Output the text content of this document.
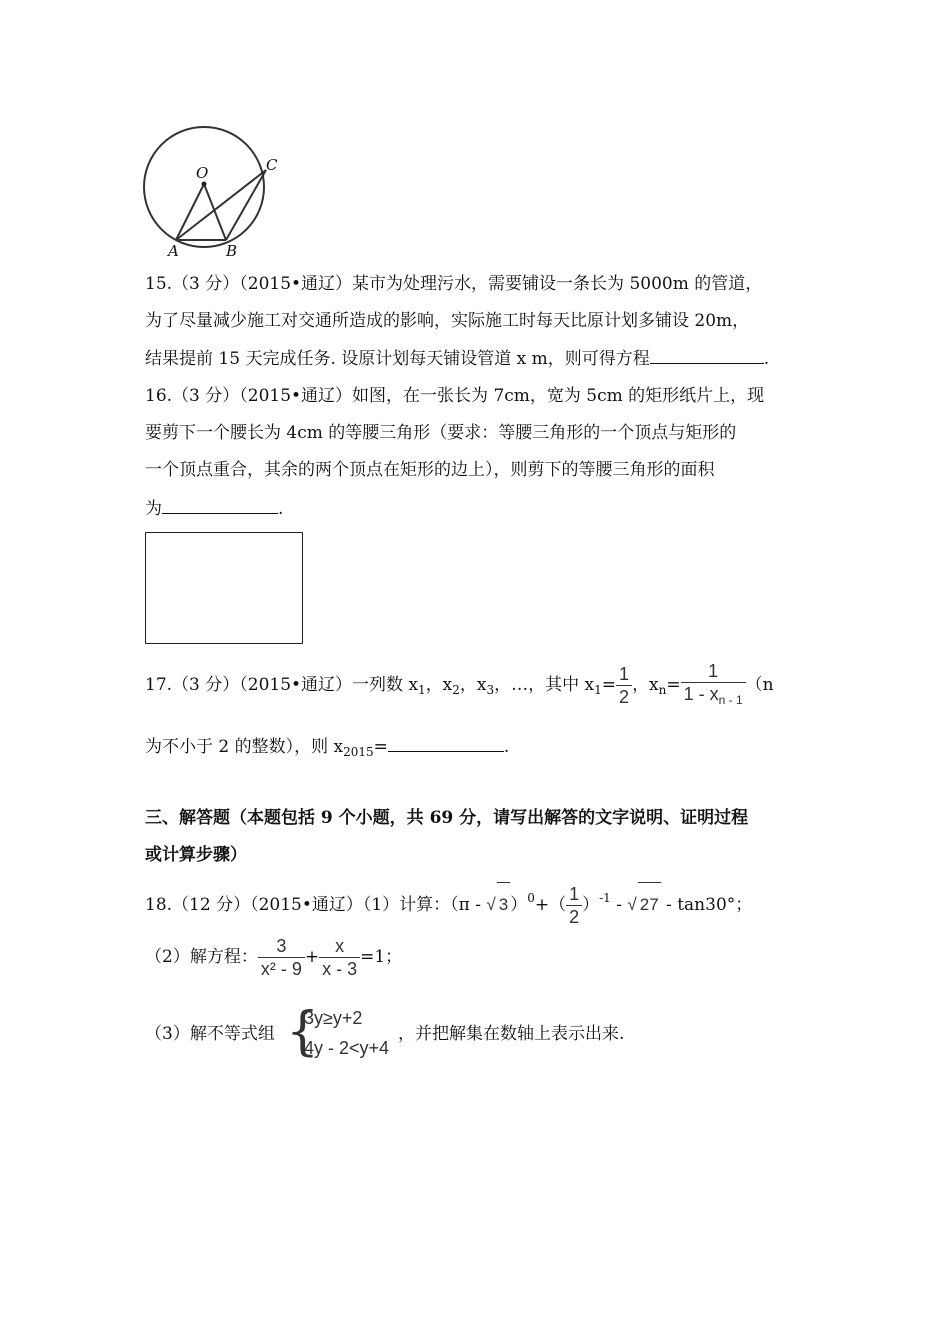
O	C
A	B
15.（3 分）（2015•通辽）某市为处理污水，需要铺设一条长为 5000m 的管道，
为了尽量减少施工对交通所造成的影响，实际施工时每天比原计划多铺设 20m，
结果提前 15 天完成任务. 设原计划每天铺设管道 x m，则可得方程	.
16.（3 分）（2015•通辽）如图，在一张长为 7cm，宽为 5cm 的矩形纸片上，现
要剪下一个腰长为 4cm 的等腰三角形（要求：等腰三角形的一个顶点与矩形的
一个顶点重合，其余的两个顶点在矩形的边上），则剪下的等腰三角形的面积
为	.
17.（3 分）（2015•通辽）一列数 $x_1$，$x_2$，$x_3$，…，其中 $x_1= \frac{1}{2}$ ，$x_n= \frac{1}{1 - x_{n - 1}} (n$
为不小于 2 的整数），则 $x_{2015}=$	.
三、解答题（本题包括 9 个小题，共 69 分，请写出解答的文字说明、证明过程
或计算步骤）
18.（12 分）（2015•通辽）（1）计算：（π - √ 3 ）$^0+( \frac{1}{2} )^{-1}$ - √ 27 - tan30°；
（2）解方程： $\frac{3}{\text{x² - 9}} + \frac{x}{x - 3} =1$；
（3）解不等式组 {
3y≥y+2
4y - 2<y+4
，并把解集在数轴上表示出来.
